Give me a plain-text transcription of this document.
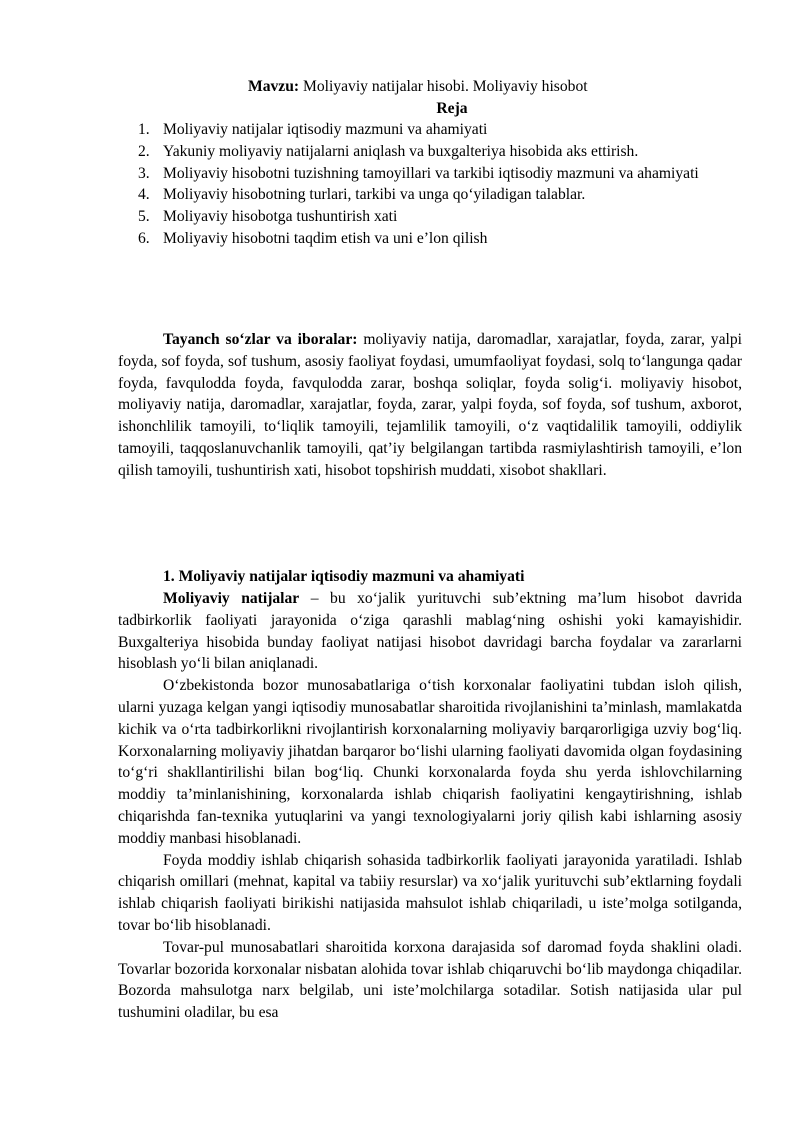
Mavzu: Moliyaviy natijalar hisobi. Moliyaviy hisobot
Reja
1. Moliyaviy natijalar iqtisodiy mazmuni va ahamiyati
2. Yakuniy moliyaviy natijalarni aniqlash va buxgalteriya hisobida aks ettirish.
3. Moliyaviy hisobotni tuzishning tamoyillari va tarkibi iqtisodiy mazmuni va ahamiyati
4. Moliyaviy hisobotning turlari, tarkibi va unga qo‘yiladigan talablar.
5. Moliyaviy hisobotga tushuntirish xati
6. Moliyaviy hisobotni taqdim etish va uni e’lon qilish

Tayanch so‘zlar va iboralar: moliyaviy natija, daromadlar, xarajatlar, foyda, zarar, yalpi foyda, sof foyda, sof tushum, asosiy faoliyat foydasi, umumfaoliyat foydasi, solq to‘langunga qadar foyda, favqulodda foyda, favqulodda zarar, boshqa soliqlar, foyda solig‘i. moliyaviy hisobot, moliyaviy natija, daromadlar, xarajatlar, foyda, zarar, yalpi foyda, sof foyda, sof tushum, axborot, ishonchlilik tamoyili, to‘liqlik tamoyili, tejamlilik tamoyili, o‘z vaqtidalilik tamoyili, oddiylik tamoyili, taqqoslanuvchanlik tamoyili, qat’iy belgilangan tartibda rasmiylashtirish tamoyili, e’lon qilish tamoyili, tushuntirish xati, hisobot topshirish muddati, xisobot shakllari.

1. Moliyaviy natijalar iqtisodiy mazmuni va ahamiyati

Moliyaviy natijalar – bu xo‘jalik yurituvchi sub’ektning ma’lum hisobot davrida tadbirkorlik faoliyati jarayonida o‘ziga qarashli mablag‘ning oshishi yoki kamayishidir. Buxgalteriya hisobida bunday faoliyat natijasi hisobot davridagi barcha foydalar va zararlarni hisoblash yo‘li bilan aniqlanadi.

O‘zbekistonda bozor munosabatlariga o‘tish korxonalar faoliyatini tubdan isloh qilish, ularni yuzaga kelgan yangi iqtisodiy munosabatlar sharoitida rivojlanishini ta’minlash, mamlakatda kichik va o‘rta tadbirkorlikni rivojlantirish korxonalarning moliyaviy barqarorligiga uzviy bog‘liq. Korxonalarning moliyaviy jihatdan barqaror bo‘lishi ularning faoliyati davomida olgan foydasining to‘g‘ri shakllantirilishi bilan bog‘liq. Chunki korxonalarda foyda shu yerda ishlovchilarning moddiy ta’minlanishining, korxonalarda ishlab chiqarish faoliyatini kengaytirishning, ishlab chiqarishda fan-texnika yutuqlarini va yangi texnologiyalarni joriy qilish kabi ishlarning asosiy moddiy manbasi hisoblanadi.

Foyda moddiy ishlab chiqarish sohasida tadbirkorlik faoliyati jarayonida yaratiladi. Ishlab chiqarish omillari (mehnat, kapital va tabiiy resurslar) va xo‘jalik yurituvchi sub’ektlarning foydali ishlab chiqarish faoliyati birikishi natijasida mahsulot ishlab chiqariladi, u iste’molga sotilganda, tovar bo‘lib hisoblanadi.

Tovar-pul munosabatlari sharoitida korxona darajasida sof daromad foyda shaklini oladi. Tovarlar bozorida korxonalar nisbatan alohida tovar ishlab chiqaruvchi bo‘lib maydonga chiqadilar. Bozorda mahsulotga narx belgilab, uni iste’molchilarga sotadilar. Sotish natijasida ular pul tushumini oladilar, bu esa
